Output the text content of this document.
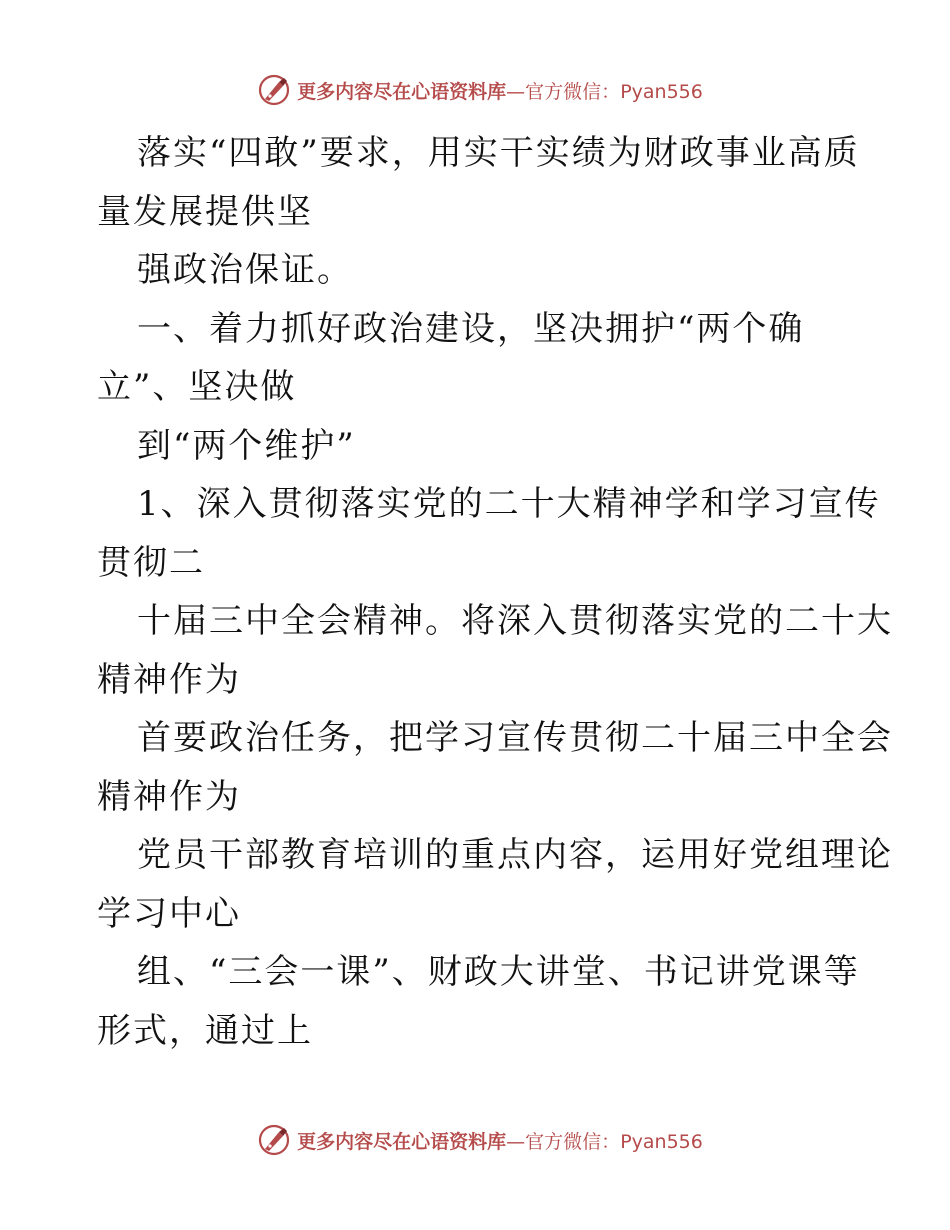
更多内容尽在心语资料库—官方微信：Pyan556
落实“四敢”要求，用实干实绩为财政事业高质
量发展提供坚
强政治保证。
一、着力抓好政治建设，坚决拥护“两个确
立”、坚决做
到“两个维护”
1、深入贯彻落实党的二十大精神学和学习宣传
贯彻二
十届三中全会精神。将深入贯彻落实党的二十大
精神作为
首要政治任务，把学习宣传贯彻二十届三中全会
精神作为
党员干部教育培训的重点内容，运用好党组理论
学习中心
组、“三会一课”、财政大讲堂、书记讲党课等
形式，通过上
更多内容尽在心语资料库—官方微信：Pyan556
